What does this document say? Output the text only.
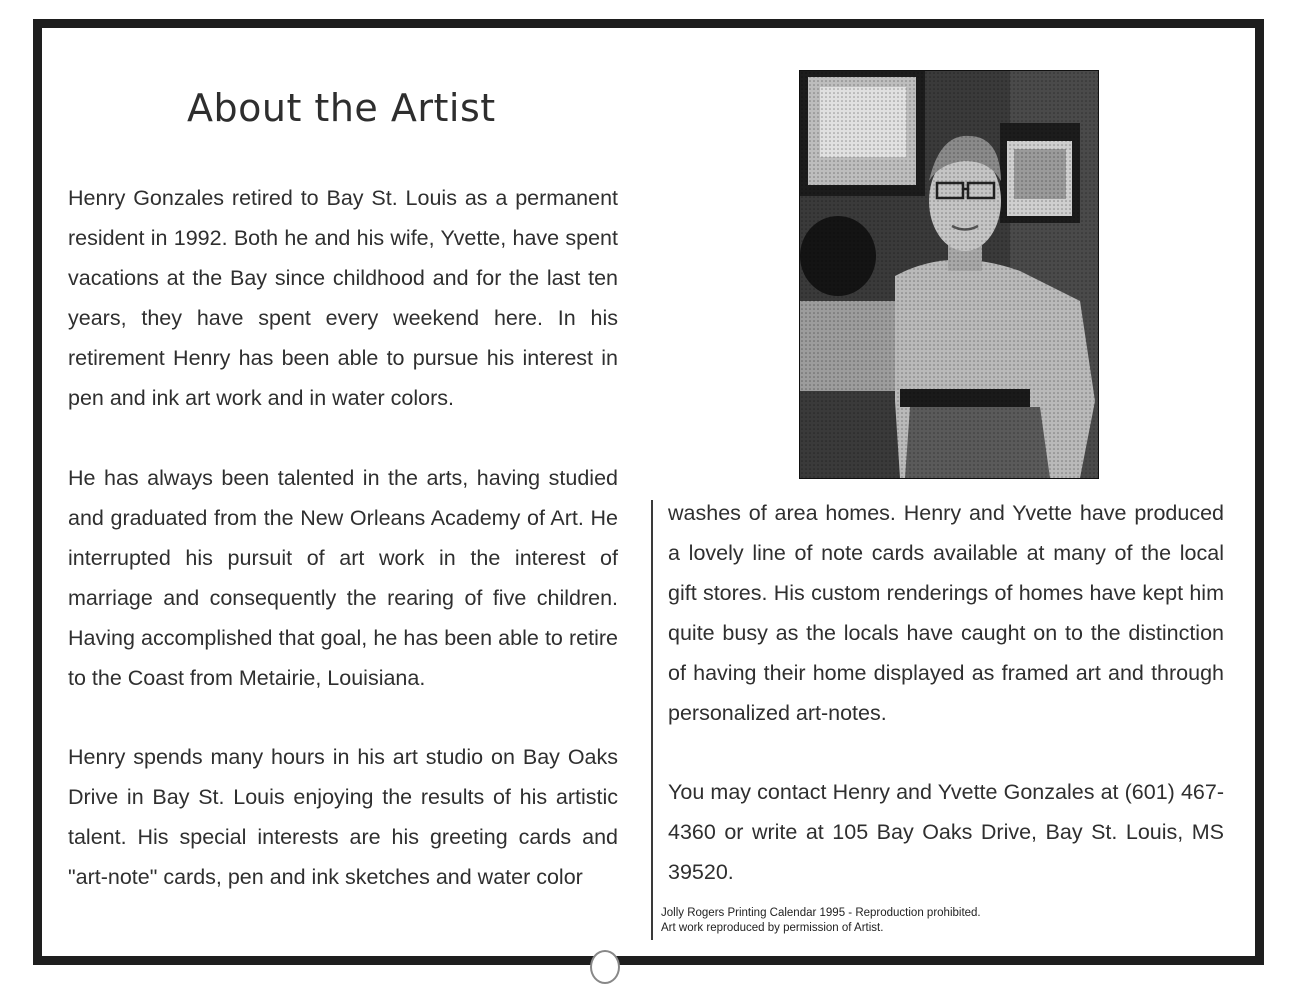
About the Artist

Henry Gonzales retired to Bay St. Louis as a permanent resident in 1992. Both he and his wife, Yvette, have spent vacations at the Bay since childhood and for the last ten years, they have spent every weekend here. In his retirement Henry has been able to pursue his interest in pen and ink art work and in water colors.

He has always been talented in the arts, having studied and graduated from the New Orleans Academy of Art. He interrupted his pursuit of art work in the interest of marriage and consequently the rearing of five children. Having accomplished that goal, he has been able to retire to the Coast from Metairie, Louisiana.

Henry spends many hours in his art studio on Bay Oaks Drive in Bay St. Louis enjoying the results of his artistic talent. His special interests are his greeting cards and "art-note" cards, pen and ink sketches and water color

washes of area homes. Henry and Yvette have produced a lovely line of note cards available at many of the local gift stores. His custom renderings of homes have kept him quite busy as the locals have caught on to the distinction of having their home displayed as framed art and through personalized art-notes.

You may contact Henry and Yvette Gonzales at (601) 467-4360 or write at 105 Bay Oaks Drive, Bay St. Louis, MS 39520.

Jolly Rogers Printing Calendar 1995 - Reproduction prohibited.
Art work reproduced by permission of Artist.
